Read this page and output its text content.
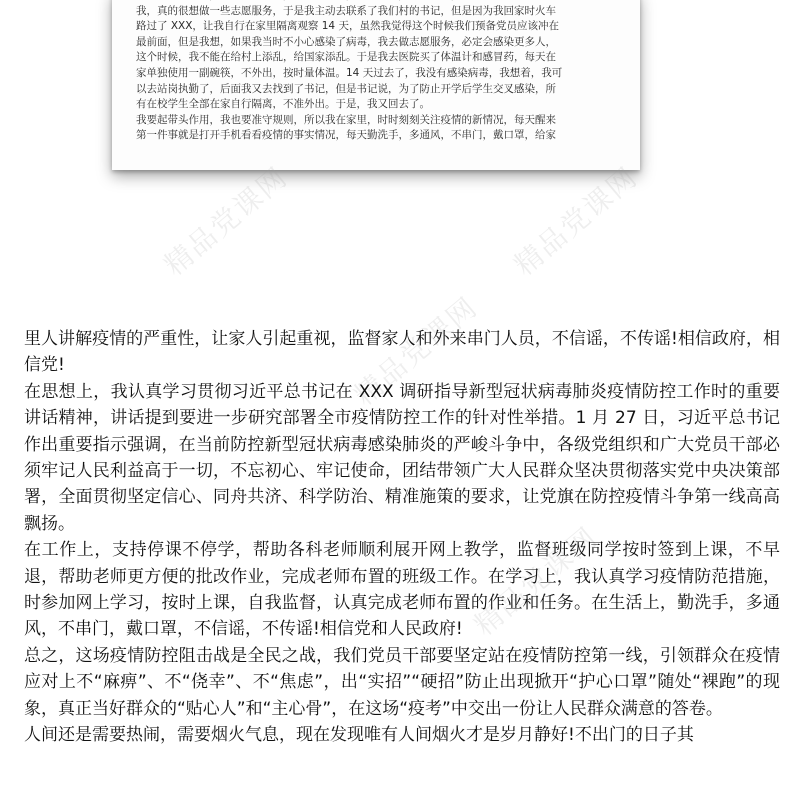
我，真的很想做一些志愿服务，于是我主动去联系了我们村的书记，但是因为我回家时火车

路过了 XXX，让我自行在家里隔离观察 14 天，虽然我觉得这个时候我们预备党员应该冲在

最前面，但是我想，如果我当时不小心感染了病毒，我去做志愿服务，必定会感染更多人，

这个时候，我不能在给村上添乱，给国家添乱。于是我去医院买了体温计和感冒药，每天在

家单独使用一副碗筷，不外出，按时量体温。14 天过去了，我没有感染病毒，我想着，我可

以去站岗执勤了，后面我又去找到了书记，但是书记说，为了防止开学后学生交叉感染，所

有在校学生全部在家自行隔离，不准外出。于是，我又回去了。

我要起带头作用，我也要准守规则，所以我在家里，时时刻刻关注疫情的新情况，每天醒来

第一件事就是打开手机看看疫情的事实情况，每天勤洗手，多通风，不串门，戴口罩，给家

精品党课网	精品党课网
精品党课网
精品党课网

里人讲解疫情的严重性，让家人引起重视，监督家人和外来串门人员，不信谣，不传谣!相信政府，相信党!

在思想上，我认真学习贯彻习近平总书记在 XXX 调研指导新型冠状病毒肺炎疫情防控工作时的重要讲话精神，讲话提到要进一步研究部署全市疫情防控工作的针对性举措。1 月 27 日，习近平总书记作出重要指示强调，在当前防控新型冠状病毒感染肺炎的严峻斗争中，各级党组织和广大党员干部必须牢记人民利益高于一切，不忘初心、牢记使命，团结带领广大人民群众坚决贯彻落实党中央决策部署，全面贯彻坚定信心、同舟共济、科学防治、精准施策的要求，让党旗在防控疫情斗争第一线高高飘扬。

在工作上，支持停课不停学，帮助各科老师顺利展开网上教学，监督班级同学按时签到上课，不早退，帮助老师更方便的批改作业，完成老师布置的班级工作。在学习上，我认真学习疫情防范措施，时参加网上学习，按时上课，自我监督，认真完成老师布置的作业和任务。在生活上，勤洗手，多通风，不串门，戴口罩，不信谣，不传谣!相信党和人民政府!

总之，这场疫情防控阻击战是全民之战，我们党员干部要坚定站在疫情防控第一线，引领群众在疫情应对上不“麻痹”、不“侥幸”、不“焦虑”，出“实招”“硬招”防止出现掀开“护心口罩”随处“裸跑”的现象，真正当好群众的“贴心人”和“主心骨”，在这场“疫考”中交出一份让人民群众满意的答卷。

人间还是需要热闹，需要烟火气息，现在发现唯有人间烟火才是岁月静好!不出门的日子其
